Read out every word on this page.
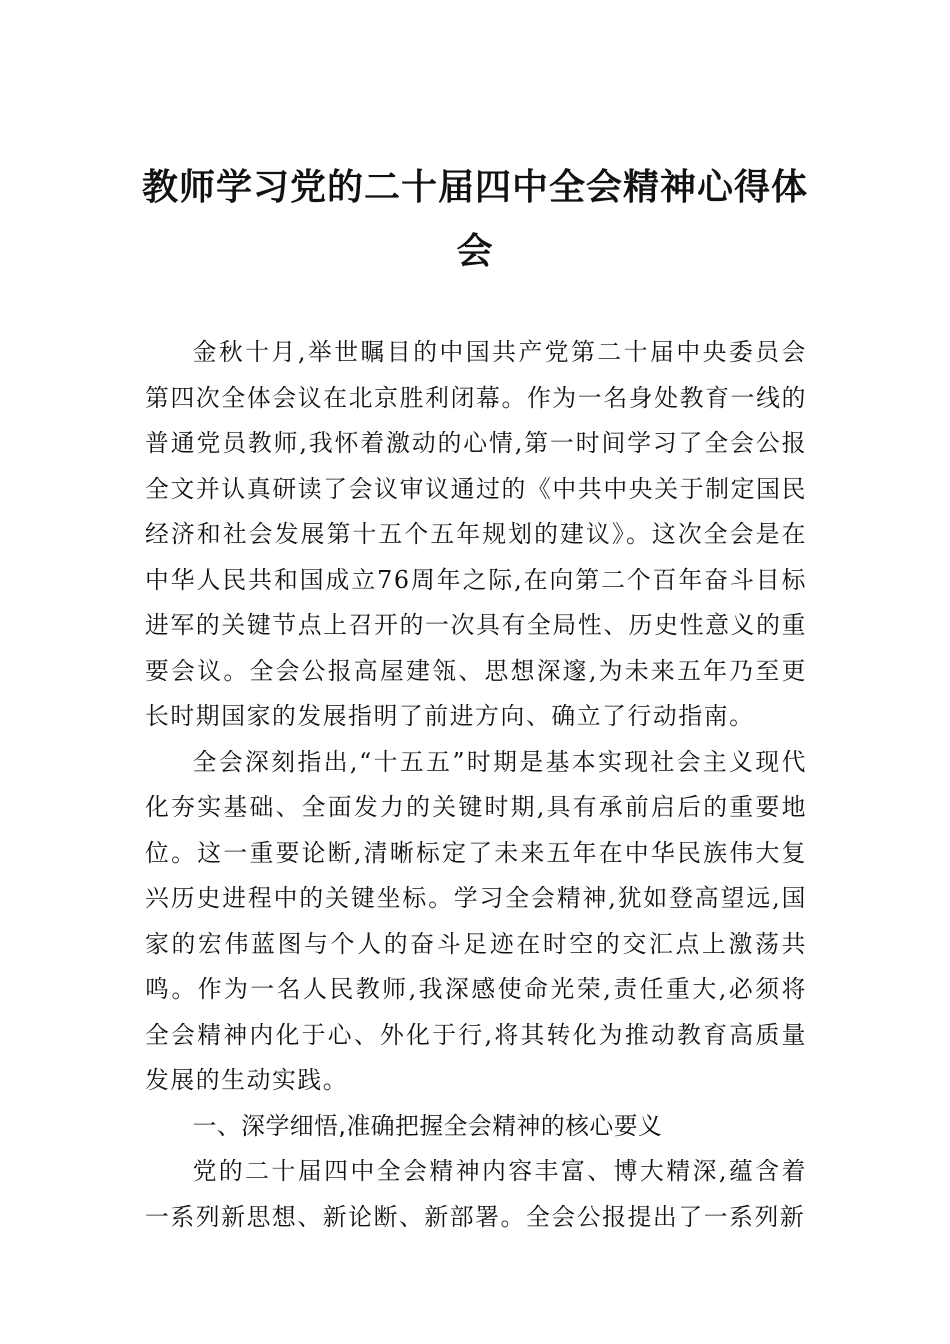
教师学习党的二十届四中全会精神心得体会

金秋十月,举世瞩目的中国共产党第二十届中央委员会第四次全体会议在北京胜利闭幕。作为一名身处教育一线的普通党员教师,我怀着激动的心情,第一时间学习了全会公报全文并认真研读了会议审议通过的《中共中央关于制定国民经济和社会发展第十五个五年规划的建议》。这次全会是在中华人民共和国成立76周年之际,在向第二个百年奋斗目标进军的关键节点上召开的一次具有全局性、历史性意义的重要会议。全会公报高屋建瓴、思想深邃,为未来五年乃至更长时期国家的发展指明了前进方向、确立了行动指南。

全会深刻指出,“十五五”时期是基本实现社会主义现代化夯实基础、全面发力的关键时期,具有承前启后的重要地位。这一重要论断,清晰标定了未来五年在中华民族伟大复兴历史进程中的关键坐标。学习全会精神,犹如登高望远,国家的宏伟蓝图与个人的奋斗足迹在时空的交汇点上激荡共鸣。作为一名人民教师,我深感使命光荣,责任重大,必须将全会精神内化于心、外化于行,将其转化为推动教育高质量发展的生动实践。

一、深学细悟,准确把握全会精神的核心要义

党的二十届四中全会精神内容丰富、博大精深,蕴含着一系列新思想、新论断、新部署。全会公报提出了一系列新
